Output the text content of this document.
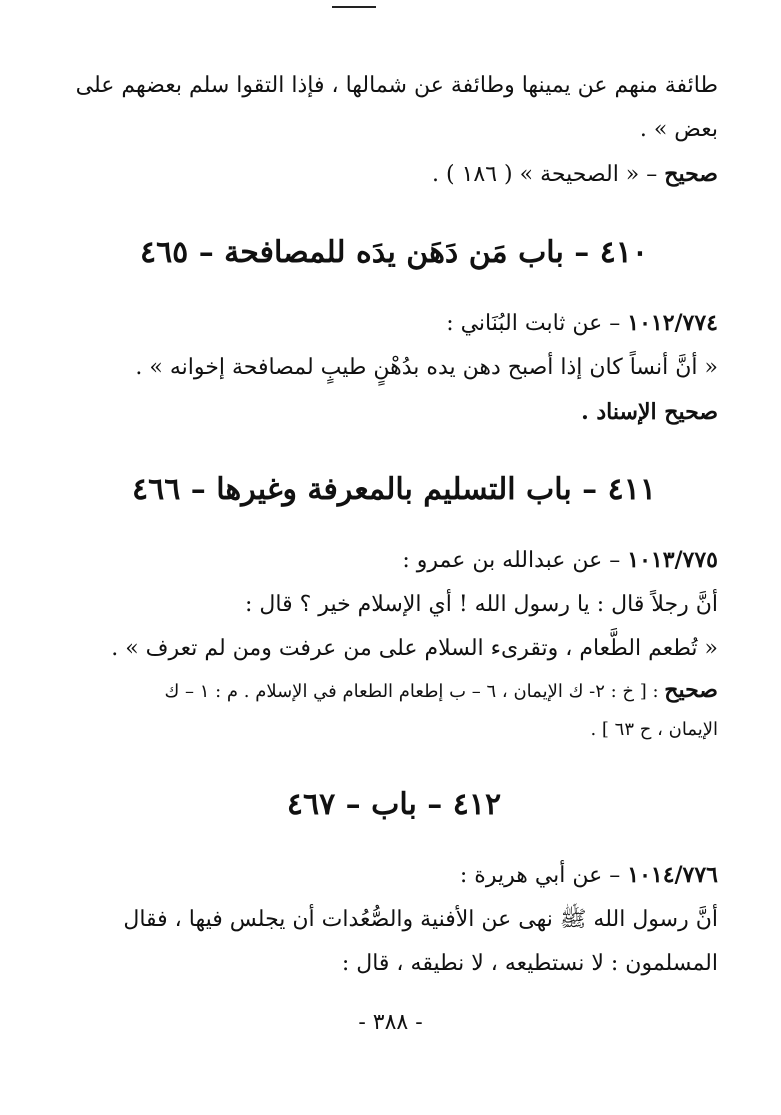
طائفة منهم عن يمينها وطائفة عن شمالها ، فإذا التقوا سلم بعضهم على

بعض » .

صحيح – « الصحيحة » ( ١٨٦ ) .

٤١٠ – باب مَن دَهَن يدَه للمصافحة – ٤٦٥

١٠١٢/٧٧٤ – عن ثابت البُنَاني :

« أنَّ أنساً كان إذا أصبح دهن يده بدُهْنٍ طيبٍ لمصافحة إخوانه » .

صحيح الإسناد .

٤١١ – باب التسليم بالمعرفة وغيرها – ٤٦٦

١٠١٣/٧٧٥ – عن عبدالله بن عمرو :

أنَّ رجلاً قال : يا رسول الله ! أي الإسلام خير ؟ قال :

« تُطعم الطَّعام ، وتقرىء السلام على من عرفت ومن لم تعرف » .

صحيح : [ خ : ٢- ك الإيمان ، ٦ – ب إطعام الطعام في الإسلام . م : ١ – ك

الإيمان ، ح ٦٣ ] .

٤١٢ – باب – ٤٦٧

١٠١٤/٧٧٦ – عن أبي هريرة :

أنَّ رسول الله ﷺ نهى عن الأفنية والصُّعُدات أن يجلس فيها ، فقال

المسلمون : لا نستطيعه ، لا نطيقه ، قال :

- ٣٨٨ -
